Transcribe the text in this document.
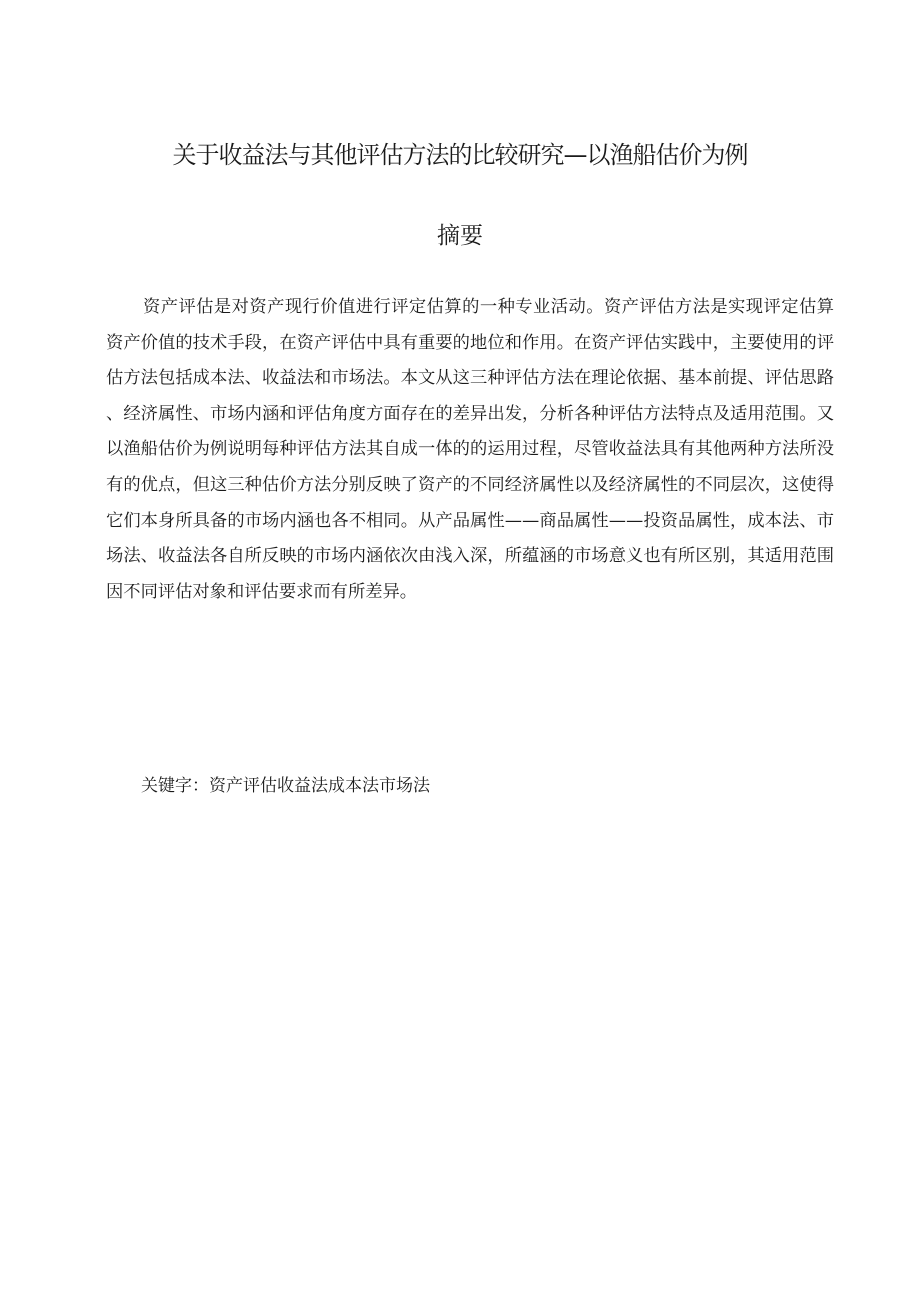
关于收益法与其他评估方法的比较研究—以渔船估价为例
摘要

资产评估是对资产现行价值进行评定估算的一种专业活动。资产评估方法是实现评定估算资产价值的技术手段，在资产评估中具有重要的地位和作用。在资产评估实践中，主要使用的评估方法包括成本法、收益法和市场法。本文从这三种评估方法在理论依据、基本前提、评估思路、经济属性、市场内涵和评估角度方面存在的差异出发，分析各种评估方法特点及适用范围。又以渔船估价为例说明每种评估方法其自成一体的的运用过程，尽管收益法具有其他两种方法所没有的优点，但这三种估价方法分别反映了资产的不同经济属性以及经济属性的不同层次，这使得它们本身所具备的市场内涵也各不相同。从产品属性——商品属性——投资品属性，成本法、市场法、收益法各自所反映的市场内涵依次由浅入深，所蕴涵的市场意义也有所区别，其适用范围因不同评估对象和评估要求而有所差异。

关键字：资产评估收益法成本法市场法
